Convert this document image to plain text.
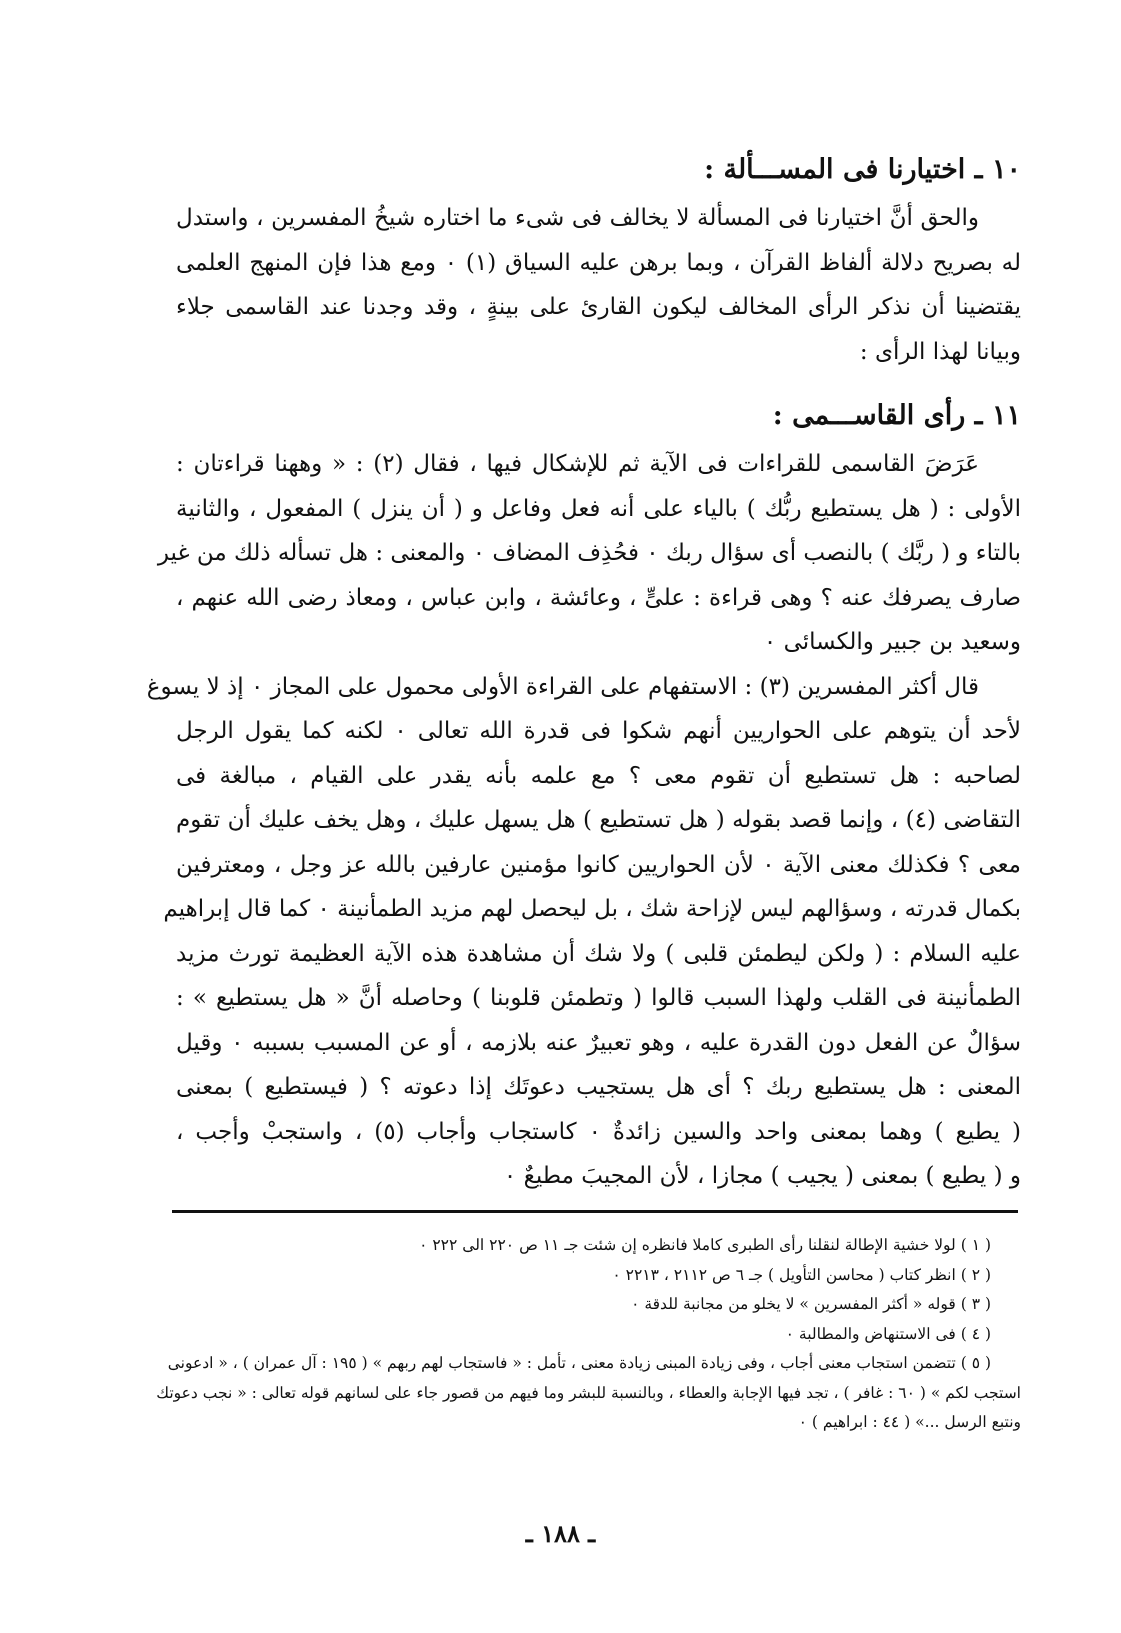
١٠ ـ اختيارنا فى المســـألة :
والحق أنَّ اختيارنا فى المسألة لا يخالف فى شىء ما اختاره شيخُ المفسرين ، واستدل
له بصريح دلالة ألفاظ القرآن ، وبما برهن عليه السياق (١) ٠ ومع هذا فإن المنهج العلمى
يقتضينا أن نذكر الرأى المخالف ليكون القارئ على بينةٍ ، وقد وجدنا عند القاسمى جلاء
وبيانا لهذا الرأى :
١١ ـ رأى القاســـمى :
عَرَضَ القاسمى للقراءات فى الآية ثم للإشكال فيها ، فقال (٢) : « وههنا قراءتان :
الأولى : ( هل يستطيع ربُّك ) بالياء على أنه فعل وفاعل و ( أن ينزل ) المفعول ، والثانية
بالتاء و ( ربَّك ) بالنصب أى سؤال ربك ٠ فحُذِف المضاف ٠ والمعنى : هل تسأله ذلك من غير
صارف يصرفك عنه ؟ وهى قراءة : علىٍّ ، وعائشة ، وابن عباس ، ومعاذ رضى الله عنهم ،
وسعيد بن جبير والكسائى ٠
قال أكثر المفسرين (٣) : الاستفهام على القراءة الأولى محمول على المجاز ٠ إذ لا يسوغ
لأحد أن يتوهم على الحواريين أنهم شكوا فى قدرة الله تعالى ٠ لكنه كما يقول الرجل
لصاحبه : هل تستطيع أن تقوم معى ؟ مع علمه بأنه يقدر على القيام ، مبالغة فى
التقاضى (٤) ، وإنما قصد بقوله ( هل تستطيع ) هل يسهل عليك ، وهل يخف عليك أن تقوم
معى ؟ فكذلك معنى الآية ٠ لأن الحواريين كانوا مؤمنين عارفين بالله عز وجل ، ومعترفين
بكمال قدرته ، وسؤالهم ليس لإزاحة شك ، بل ليحصل لهم مزيد الطمأنينة ٠ كما قال إبراهيم
عليه السلام : ( ولكن ليطمئن قلبى ) ولا شك أن مشاهدة هذه الآية العظيمة تورث مزيد
الطمأنينة فى القلب ولهذا السبب قالوا ( وتطمئن قلوبنا ) وحاصله أنَّ « هل يستطيع » :
سؤالٌ عن الفعل دون القدرة عليه ، وهو تعبيرٌ عنه بلازمه ، أو عن المسبب بسببه ٠ وقيل
المعنى : هل يستطيع ربك ؟ أى هل يستجيب دعوتَك إذا دعوته ؟ ( فيستطيع ) بمعنى
( يطيع ) وهما بمعنى واحد والسين زائدةٌ ٠ كاستجاب وأجاب (٥) ، واستجبْ وأجب ،
و ( يطيع ) بمعنى ( يجيب ) مجازا ، لأن المجيبَ مطيعٌ ٠
( ١ ) لولا خشية الإطالة لنقلنا رأى الطبرى كاملا فانظره إن شئت جـ ١١ ص ٢٢٠ الى ٢٢٢ ٠
( ٢ ) انظر كتاب ( محاسن التأويل ) جـ ٦ ص ٢١١٢ ، ٢٢١٣ ٠
( ٣ ) قوله « أكثر المفسرين » لا يخلو من مجانبة للدقة ٠
( ٤ ) فى الاستنهاض والمطالبة ٠
( ٥ ) تتضمن استجاب معنى أجاب ، وفى زيادة المبنى زيادة معنى ، تأمل : « فاستجاب لهم ربهم » ( ١٩٥ : آل عمران ) ، « ادعونى
استجب لكم » ( ٦٠ : غافر ) ، تجد فيها الإجابة والعطاء ، وبالنسبة للبشر وما فيهم من قصور جاء على لسانهم قوله تعالى : « نجب دعوتك
ونتبع الرسل ...» ( ٤٤ : ابراهيم ) ٠
ـ ١٨٨ ـ
